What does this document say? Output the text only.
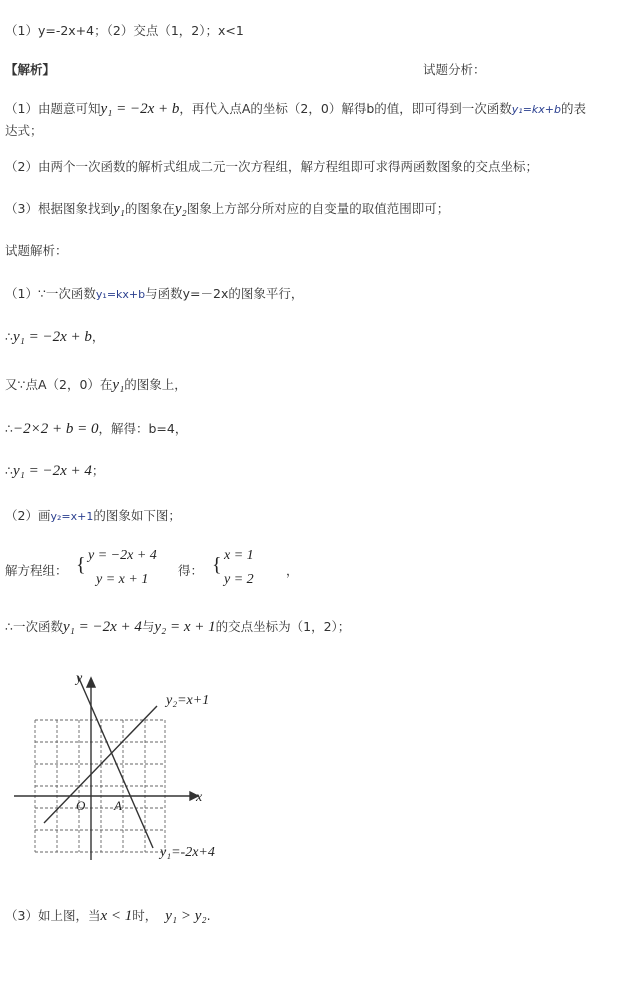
（1）y=-2x+4；（2）交点（1，2）；x<1
【解析】	试题分析：
（1）由题意可知y₁ = −2x + b，再代入点A的坐标（2，0）解得b的值，即可得到一次函数y₁=kx+b的表
达式；
（2）由两个一次函数的解析式组成二元一次方程组，解方程组即可求得两函数图象的交点坐标；
（3）根据图象找到y₁的图象在y₂图象上方部分所对应的自变量的取值范围即可；
试题解析：
（1）∵一次函数y₁=kx+b与函数y=－2x的图象平行，
∴y₁ = −2x + b，
又∵点A（2，0）在y₁的图象上，
∴−2×2 + b = 0，解得：b=4，
∴y₁ = −2x + 4；
（2）画y₂=x+1的图象如下图；
解方程组： { y = −2x + 4
y = x + 1
得： { x = 1
y = 2
，
∴一次函数y₁ = −2x + 4与y₂ = x + 1的交点坐标为（1，2）；
y
x
O A
y₂=x+1
y₁=-2x+4
（3）如上图，当x < 1时， y₁ > y₂.
